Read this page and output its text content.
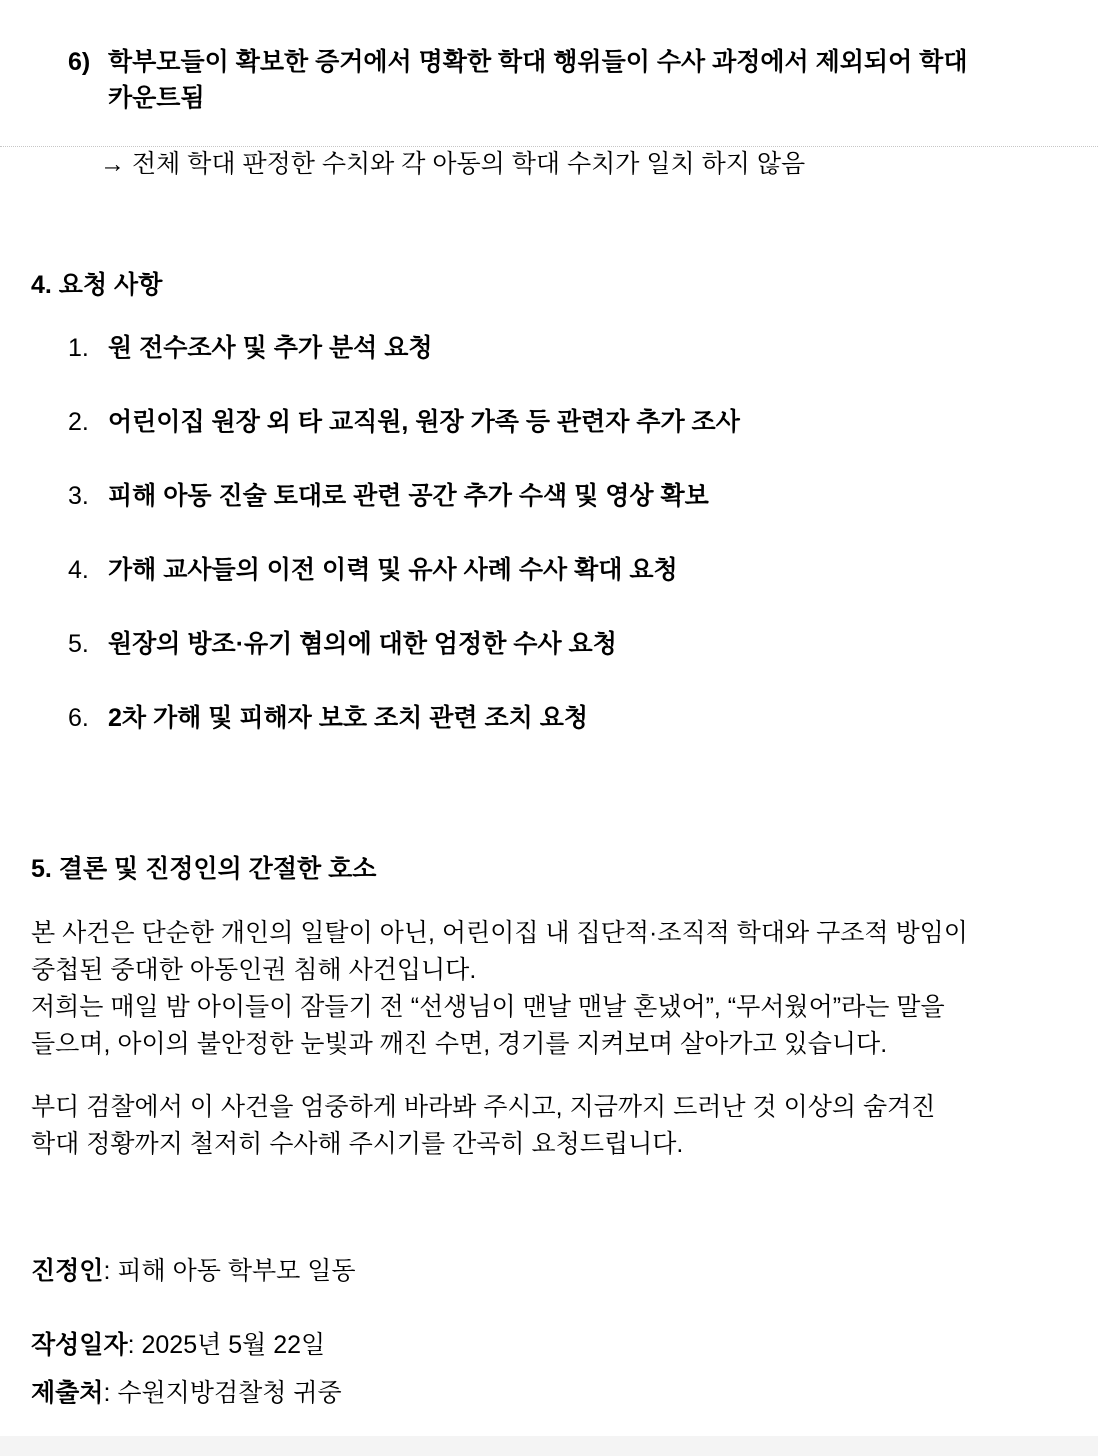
6) 학부모들이 확보한 증거에서 명확한 학대 행위들이 수사 과정에서 제외되어 학대
카운트됨
→ 전체 학대 판정한 수치와 각 아동의 학대 수치가 일치 하지 않음
4. 요청 사항
1. 원 전수조사 및 추가 분석 요청
2. 어린이집 원장 외 타 교직원, 원장 가족 등 관련자 추가 조사
3. 피해 아동 진술 토대로 관련 공간 추가 수색 및 영상 확보
4. 가해 교사들의 이전 이력 및 유사 사례 수사 확대 요청
5. 원장의 방조·유기 혐의에 대한 엄정한 수사 요청
6. 2차 가해 및 피해자 보호 조치 관련 조치 요청
5. 결론 및 진정인의 간절한 호소
본 사건은 단순한 개인의 일탈이 아닌, 어린이집 내 집단적·조직적 학대와 구조적 방임이
중첩된 중대한 아동인권 침해 사건입니다.
저희는 매일 밤 아이들이 잠들기 전 “선생님이 맨날 맨날 혼냈어”, “무서웠어”라는 말을
들으며, 아이의 불안정한 눈빛과 깨진 수면, 경기를 지켜보며 살아가고 있습니다.
부디 검찰에서 이 사건을 엄중하게 바라봐 주시고, 지금까지 드러난 것 이상의 숨겨진
학대 정황까지 철저히 수사해 주시기를 간곡히 요청드립니다.
진정인: 피해 아동 학부모 일동
작성일자: 2025년 5월 22일
제출처: 수원지방검찰청 귀중
